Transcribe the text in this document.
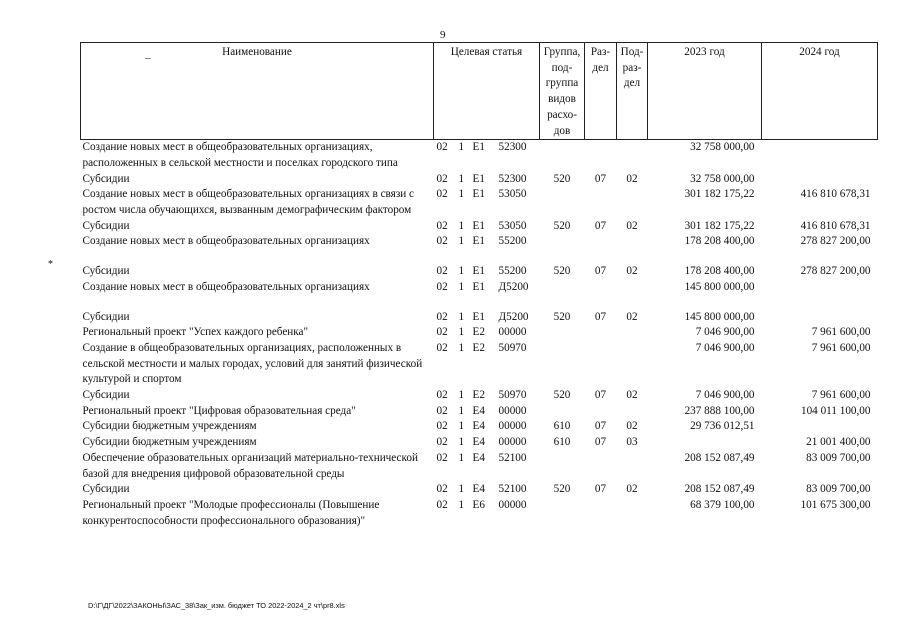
9
–
*
Наименование	Целевая статья	Группа, под-группа видов расхо-дов	Раз-дел	Под-раз-дел	2023 год	2024 год
Создание новых мест в общеобразовательных организациях, расположенных в сельской местности и поселках городского типа	02 1 Е1 52300				32 758 000,00	
Субсидии	02 1 Е1 52300	520	07	02	32 758 000,00	
Создание новых мест в общеобразовательных организациях в связи с ростом числа обучающихся, вызванным демографическим фактором	02 1 Е1 53050				301 182 175,22	416 810 678,31
Субсидии	02 1 Е1 53050	520	07	02	301 182 175,22	416 810 678,31
Создание новых мест в общеобразовательных организациях	02 1 Е1 55200				178 208 400,00	278 827 200,00

Субсидии	02 1 Е1 55200	520	07	02	178 208 400,00	278 827 200,00
Создание новых мест в общеобразовательных организациях	02 1 Е1 Д5200				145 800 000,00	

Субсидии	02 1 Е1 Д5200	520	07	02	145 800 000,00	
Региональный проект "Успех каждого ребенка"	02 1 Е2 00000				7 046 900,00	7 961 600,00
Создание в общеобразовательных организациях, расположенных в сельской местности и малых городах, условий для занятий физической культурой и спортом	02 1 Е2 50970				7 046 900,00	7 961 600,00
Субсидии	02 1 Е2 50970	520	07	02	7 046 900,00	7 961 600,00
Региональный проект "Цифровая образовательная среда"	02 1 Е4 00000				237 888 100,00	104 011 100,00
Субсидии бюджетным учреждениям	02 1 Е4 00000	610	07	02	29 736 012,51	
Субсидии бюджетным учреждениям	02 1 Е4 00000	610	07	03		21 001 400,00
Обеспечение образовательных организаций материально-технической базой для внедрения цифровой образовательной среды	02 1 Е4 52100				208 152 087,49	83 009 700,00
Субсидии	02 1 Е4 52100	520	07	02	208 152 087,49	83 009 700,00
Региональный проект "Молодые профессионалы (Повышение конкурентоспособности профессионального образования)"	02 1 Е6 00000				68 379 100,00	101 675 300,00
D:\Г\ДГ\2022\ЗАКОНЫ\ЗАС_38\Зак_изм. бюджет ТО 2022-2024_2 чт\pr8.xls
